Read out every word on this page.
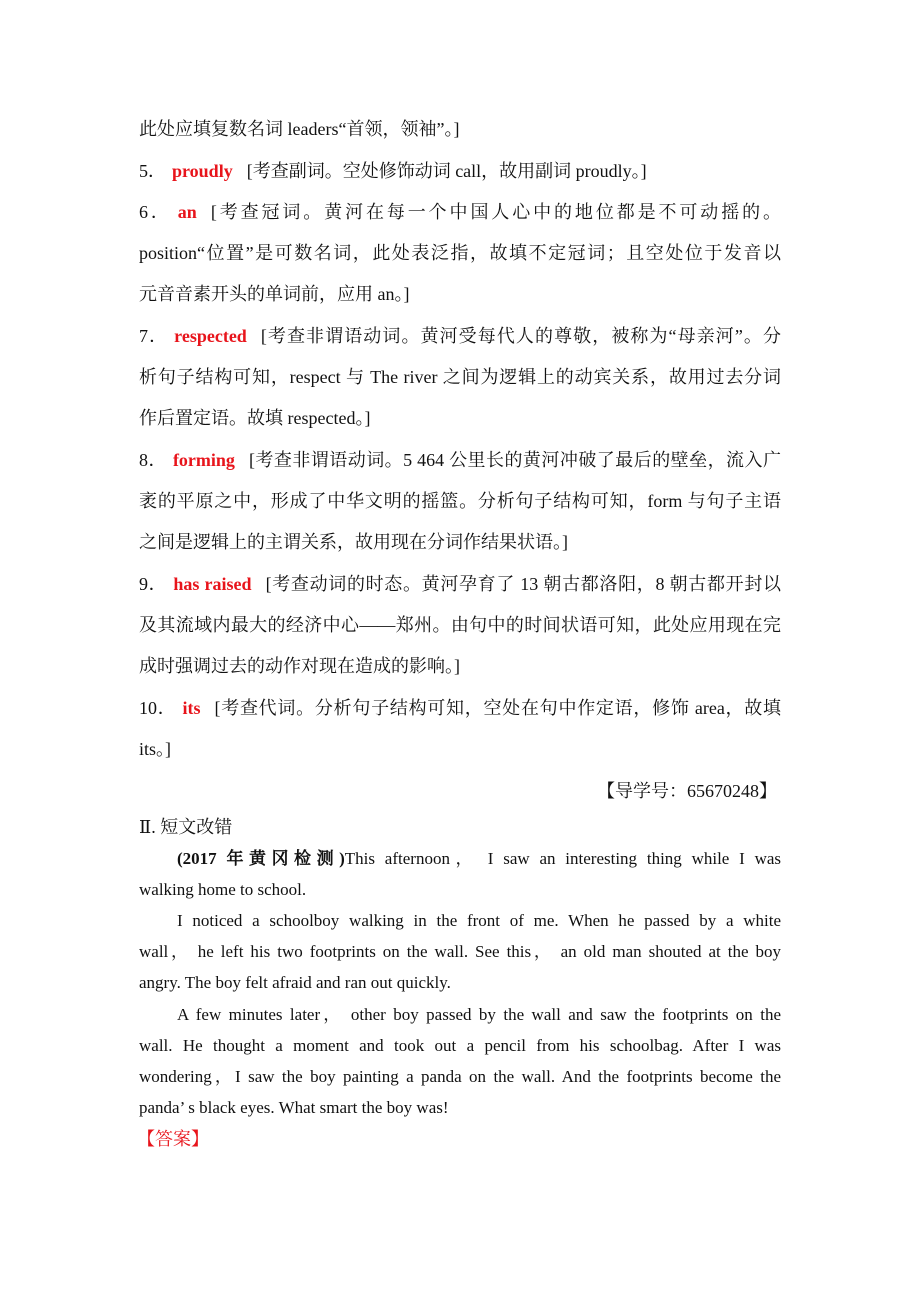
此处应填复数名词 leaders“首领，领袖”。]
5． proudly [考查副词。空处修饰动词 call，故用副词 proudly。]
6． an [考查冠词。黄河在每一个中国人心中的地位都是不可动摇的。
position“位置”是可数名词，此处表泛指，故填不定冠词；且空处位于发音以
元音音素开头的单词前，应用 an。]
7． respected [考查非谓语动词。黄河受每代人的尊敬，被称为“母亲河”。分
析句子结构可知，respect 与 The river 之间为逻辑上的动宾关系，故用过去分词
作后置定语。故填 respected。]
8． forming [考查非谓语动词。5 464 公里长的黄河冲破了最后的壁垒，流入广
袤的平原之中，形成了中华文明的摇篮。分析句子结构可知，form 与句子主语
之间是逻辑上的主谓关系，故用现在分词作结果状语。]
9． has raised [考查动词的时态。黄河孕育了 13 朝古都洛阳，8 朝古都开封以
及其流域内最大的经济中心——郑州。由句中的时间状语可知，此处应用现在完
成时强调过去的动作对现在造成的影响。]
10． its [考查代词。分析句子结构可知，空处在句中作定语，修饰 area，故填
its。]
【导学号：65670248】
Ⅱ. 短文改错
(2017 年黄冈检测)This afternoon， I saw an interesting thing while I was
walking home to school.
I noticed a schoolboy walking in the front of me. When he passed by a white
wall， he left his two footprints on the wall. See this， an old man shouted at the boy
angry. The boy felt afraid and ran out quickly.
A few minutes later， other boy passed by the wall and saw the footprints on the
wall. He thought a moment and took out a pencil from his schoolbag. After I was
wondering，I saw the boy painting a panda on the wall. And the footprints become the
panda’ s black eyes. What smart the boy was!
【答案】
